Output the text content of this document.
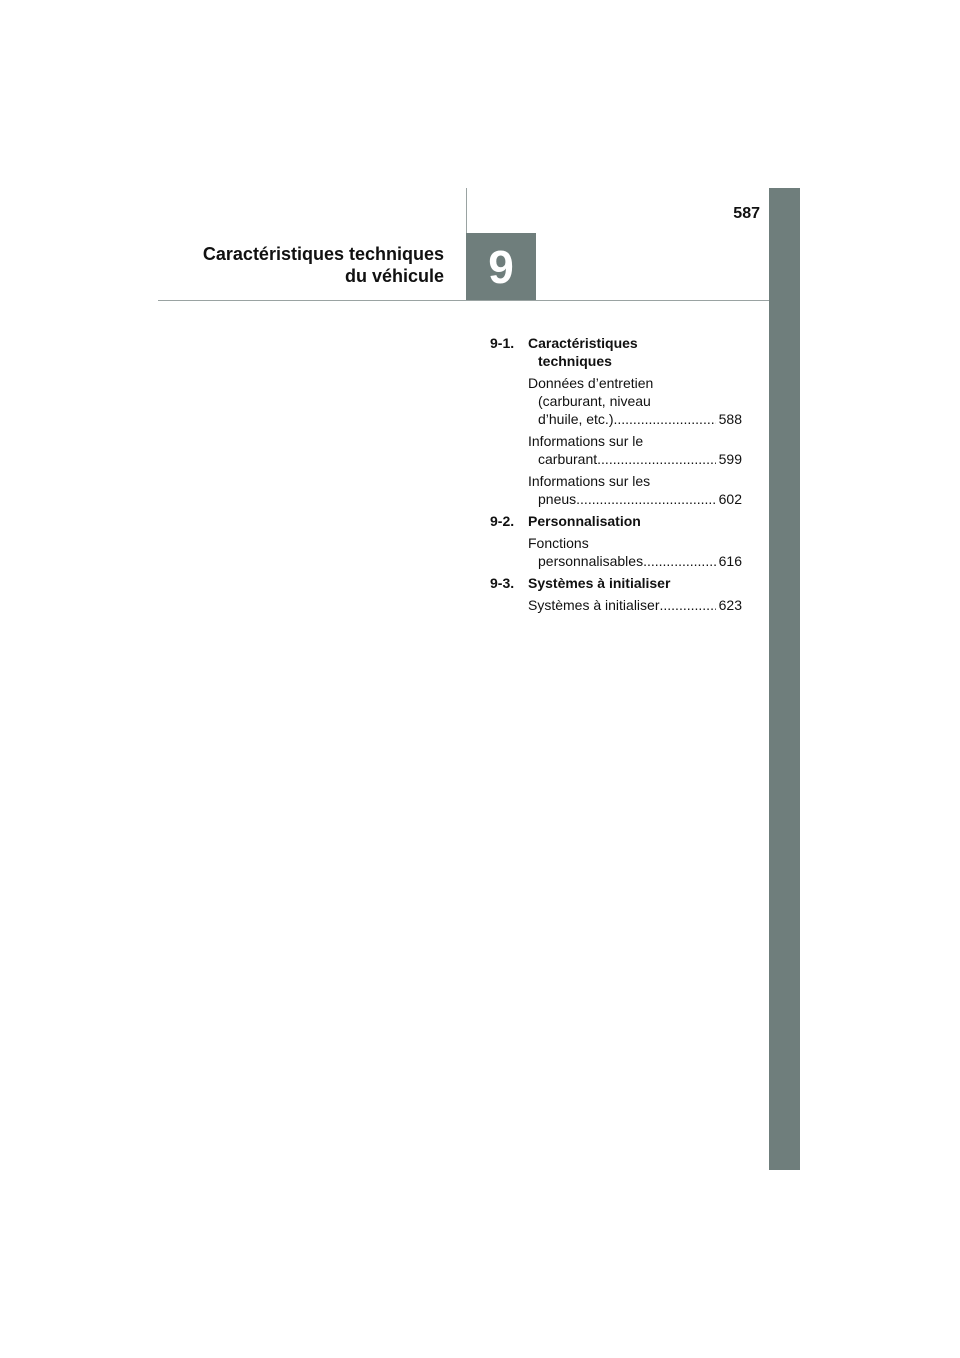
587
Caractéristiques techniques
du véhicule 9
9-1. Caractéristiques
techniques
Données d’entretien
(carburant, niveau
d’huile, etc.) .....	588
Informations sur le
carburant .....	599
Informations sur les
pneus .....	602
9-2. Personnalisation
Fonctions
personnalisables .....	616
9-3. Systèmes à initialiser
Systèmes à initialiser .....	623
